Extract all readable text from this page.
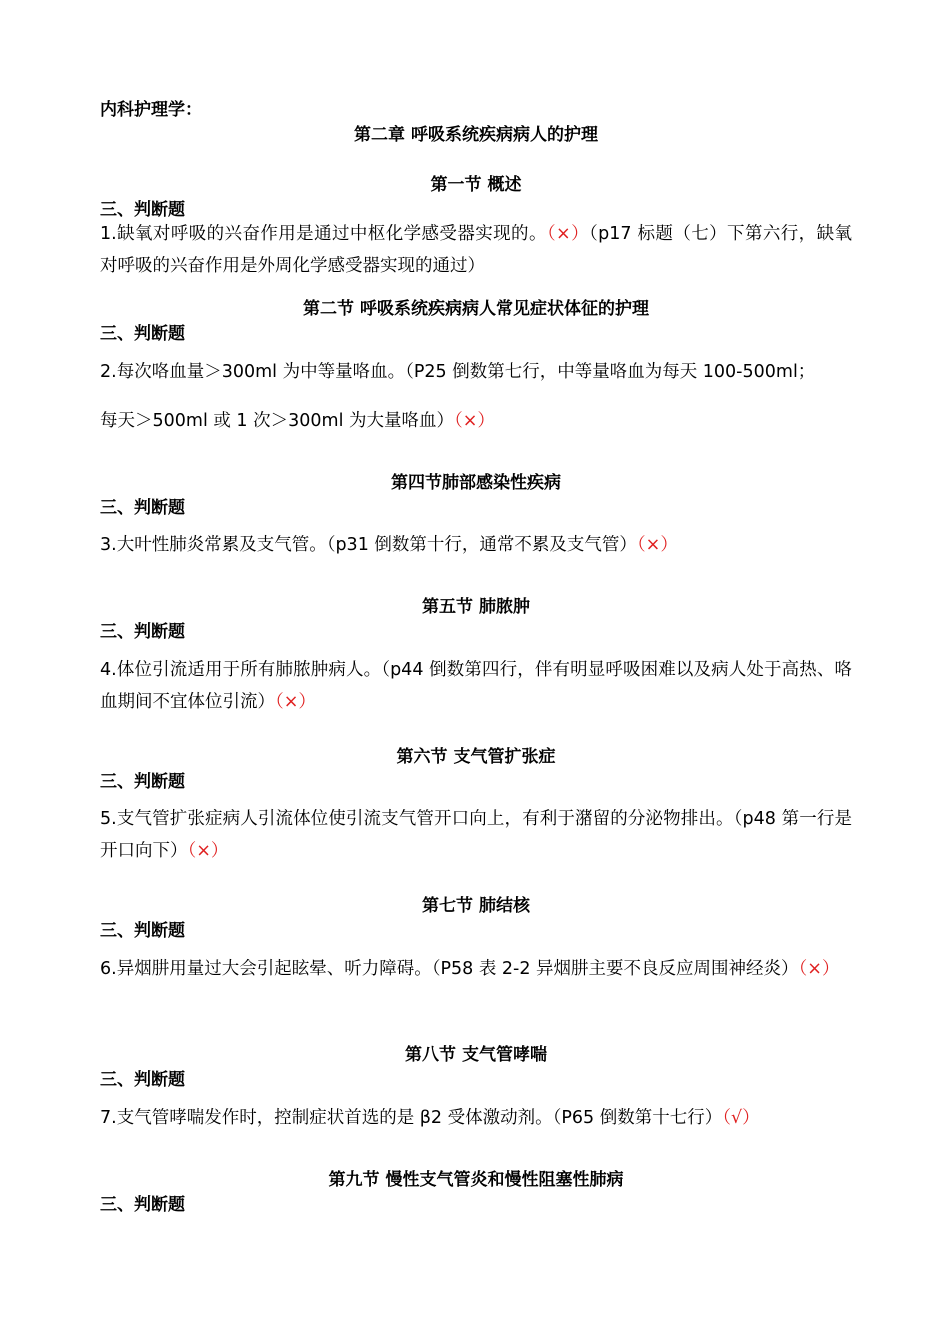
内科护理学：
第二章 呼吸系统疾病病人的护理
第一节 概述
三、判断题
1.缺氧对呼吸的兴奋作用是通过中枢化学感受器实现的。（×）（p17 标题（七）下第六行，缺氧对呼吸的兴奋作用是外周化学感受器实现的通过）
第二节 呼吸系统疾病病人常见症状体征的护理
三、判断题
2.每次咯血量＞300ml 为中等量咯血。（P25 倒数第七行，中等量咯血为每天 100-500ml；
每天＞500ml 或 1 次＞300ml 为大量咯血）（×）
第四节肺部感染性疾病
三、判断题
3.大叶性肺炎常累及支气管。（p31 倒数第十行，通常不累及支气管）（×）
第五节 肺脓肿
三、判断题
4.体位引流适用于所有肺脓肿病人。（p44 倒数第四行，伴有明显呼吸困难以及病人处于高热、咯血期间不宜体位引流）（×）
第六节 支气管扩张症
三、判断题
5.支气管扩张症病人引流体位使引流支气管开口向上，有利于潴留的分泌物排出。（p48 第一行是开口向下）（×）
第七节 肺结核
三、判断题
6.异烟肼用量过大会引起眩晕、听力障碍。（P58 表 2-2 异烟肼主要不良反应周围神经炎）（×）
第八节 支气管哮喘
三、判断题
7.支气管哮喘发作时，控制症状首选的是 β2 受体激动剂。（P65 倒数第十七行）（√）
第九节 慢性支气管炎和慢性阻塞性肺病
三、判断题
